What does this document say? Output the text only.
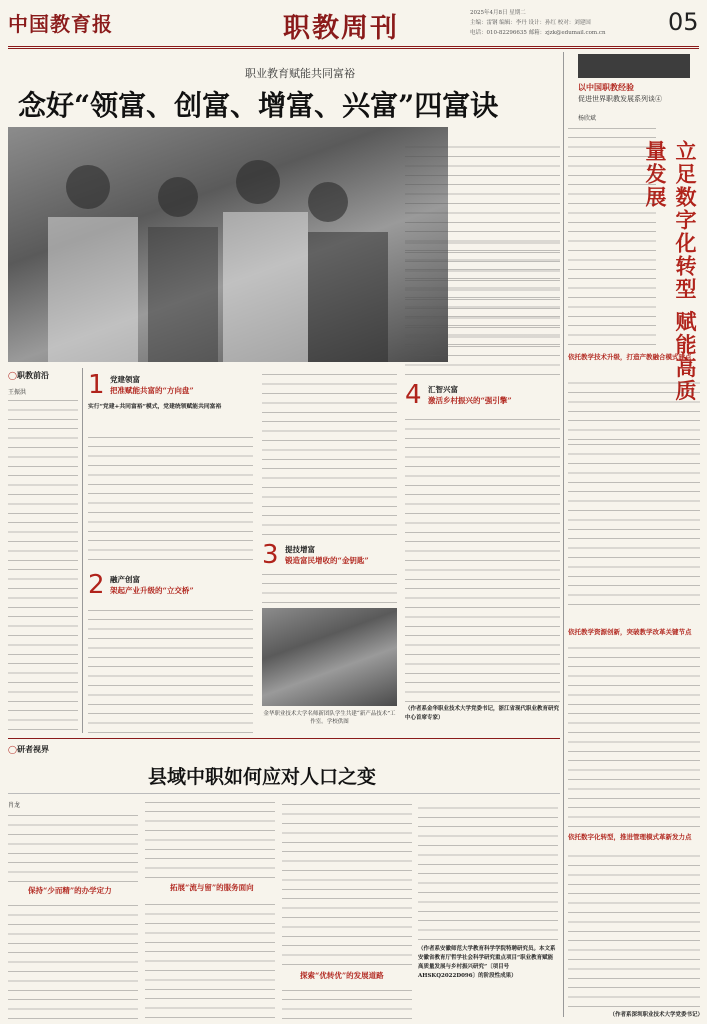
中国教育报	职教周刊	2025年4月8日 星期二
主编：雷钢 编辑：李丹 设计：孙红 校对：刘建国
电话：010-82296635 邮箱：zjzk@edumail.com.cn	05
职业教育赋能共同富裕
念好“领富、创富、增富、兴富”四富诀
以中国职教经验
促进世界职教发展系列谈④
杨欣斌
立足数字化转型 赋能高质量发展
依托教学技术升级，打造产教融合模式建点
依托教学资源创新，突破教学改革关键节点
依托数字化转型，推进管理模式革新发力点
（作者系深圳职业技术大学党委书记）
◯职教前沿
王振洪	1 党建领富
把准赋能共富的“方向盘”
实行“党建+共同富裕”模式，党建统领赋能共同富裕
2 融产创富
架起产业升级的“立交桥”
3 提技增富
锻造富民增收的“金钥匙”
金华职业技术大学名师新团队学生共建“新产品技术”工作室。学校供图
4 汇智兴富
激活乡村振兴的“强引擎”
（作者系金华职业技术大学党委书记，浙江省现代职业教育研究中心首席专家）
◯研者视界
县域中职如何应对人口之变
肖龙
保持“少而精”的办学定力	拓展“流与留”的服务面向
探索“优转优”的发展道路
（作者系安徽师范大学教育科学学院特聘研究员。本文系安徽省教育厅哲学社会科学研究重点项目“职业教育赋能高质量发展与乡村振兴研究”〔项目号AHSKQ2022D096〕的阶段性成果）
